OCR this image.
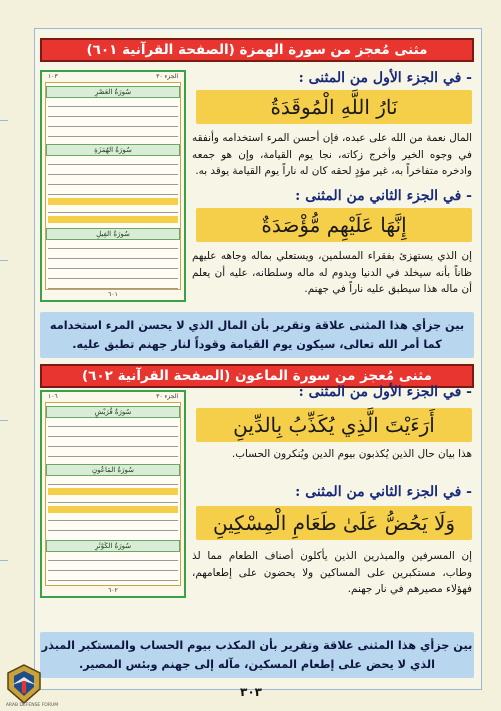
مثنى مُعجز من سورة الهمزة (الصفحة القرآنية ٦٠١)
- في الجزء الأول من المثنى :
نَارُ اللَّهِ الْمُوقَدَةُ
المال نعمة من الله على عبده، فإن أحسن المرء استخدامه وأنفقه في وجوه الخير وأخرج زكاته، نجا يوم القيامة، وإن هو جمعه وادخره متفاخراً به، غير مؤدٍ لحقه كان له ناراً يوم القيامة يوقد به.
- في الجزء الثاني من المثنى :
إِنَّهَا عَلَيْهِم مُّؤْصَدَةٌ
إن الذي يستهزئ بفقراء المسلمين، ويستعلي بماله وجاهه عليهم ظاناً بأنه سيخلد في الدنيا ويدوم له ماله وسلطانه، عليه أن يعلم أن ماله هذا سيطبق عليه ناراً في جهنم.
الجزء ٣٠
١٠٣
سُورَةُ العَصْرِ
سُورَةُ الهُمَزَةِ
سُورَةُ الفِيلِ
٦٠١
بين جزأي هذا المثنى علاقة وتقرير بأن المال الذي لا يحسن المرء استخدامه كما أمر الله تعالى، سيكون يوم القيامة وقوداً لنار جهنم تطبق عليه.
مثنى مُعجز من سورة الماعون (الصفحة القرآنية ٦٠٢)
- في الجزء الأول من المثنى :
أَرَءَيْتَ الَّذِي يُكَذِّبُ بِالدِّينِ
هذا بيان حال الذين يُكذبون بيوم الدين ويُنكرون الحساب.
- في الجزء الثاني من المثنى :
وَلَا يَحُضُّ عَلَىٰ طَعَامِ الْمِسْكِينِ
إن المسرفين والمبذرين الذين يأكلون أصناف الطعام مما لذ وطاب، مستكبرين على المساكين ولا يحضون على إطعامهم، فهؤلاء مصيرهم في نار جهنم.
الجزء ٣٠
١٠٦
سُورَةُ قُرَيْشٍ
سُورَةُ المَاعُونِ
سُورَةُ الكَوْثَرِ
٦٠٢
بين جزأي هذا المثنى علاقة وتقرير بأن المكذب بيوم الحساب والمستكبر المبذر الذي لا يحض على إطعام المسكين، مآله إلى جهنم وبئس المصير.
٣٠٣
ARAB DEFENSE FORUM
